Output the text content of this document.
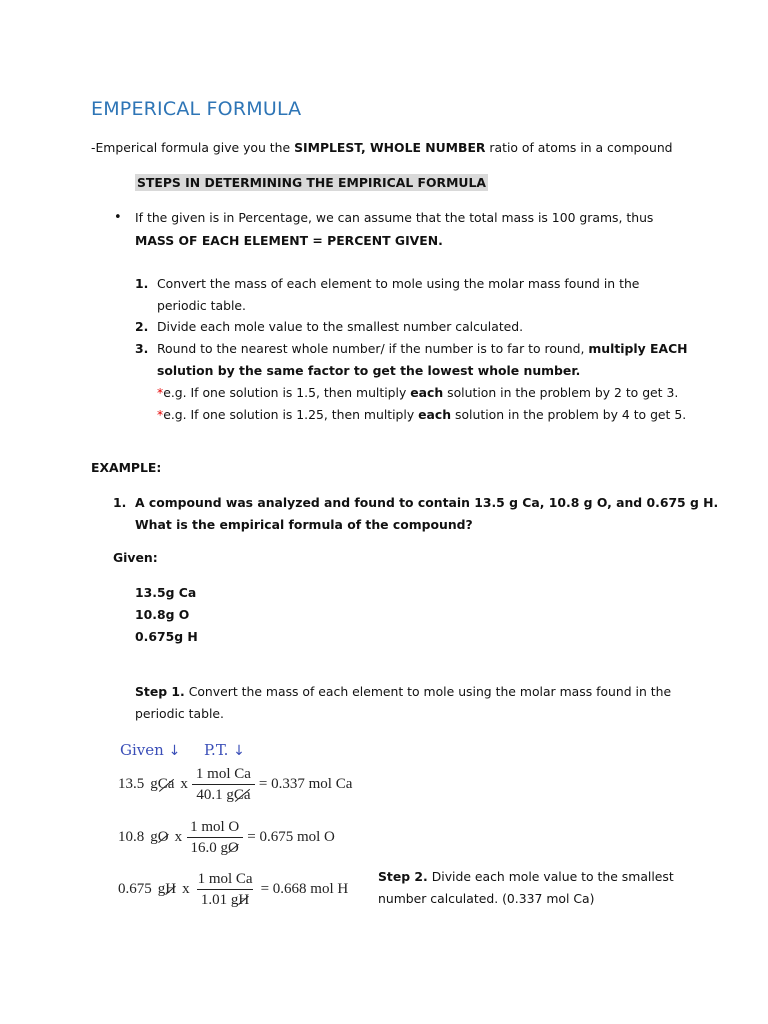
EMPERICAL FORMULA
-Emperical formula give you the SIMPLEST, WHOLE NUMBER ratio of atoms in a compound
STEPS IN DETERMINING THE EMPIRICAL FORMULA
• If the given is in Percentage, we can assume that the total mass is 100 grams, thus
MASS OF EACH ELEMENT = PERCENT GIVEN.
1. Convert the mass of each element to mole using the molar mass found in the
periodic table.
2. Divide each mole value to the smallest number calculated.
3. Round to the nearest whole number/ if the number is to far to round, multiply EACH
solution by the same factor to get the lowest whole number.
*e.g. If one solution is 1.5, then multiply each solution in the problem by 2 to get 3.
*e.g. If one solution is 1.25, then multiply each solution in the problem by 4 to get 5.
EXAMPLE:
1. A compound was analyzed and found to contain 13.5 g Ca, 10.8 g O, and 0.675 g H.
What is the empirical formula of the compound?
Given:
13.5g Ca
10.8g O
0.675g H
Step 1. Convert the mass of each element to mole using the molar mass found in the
periodic table.
Given ↓ P.T. ↓
13.5 g Ca x $\frac{\text{1 mol Ca}}{\text{40.1 gCa}} = 0.337$ mol Ca
10.8 g O x $\frac{\text{1 mol O}}{16.0 gO} = 0.675$ mol O
0.675 g H x $\frac{\text{1 mol Ca}}{1.01 gH} = 0.668$ mol H
Step 2. Divide each mole value to the smallest
number calculated. (0.337 mol Ca)
